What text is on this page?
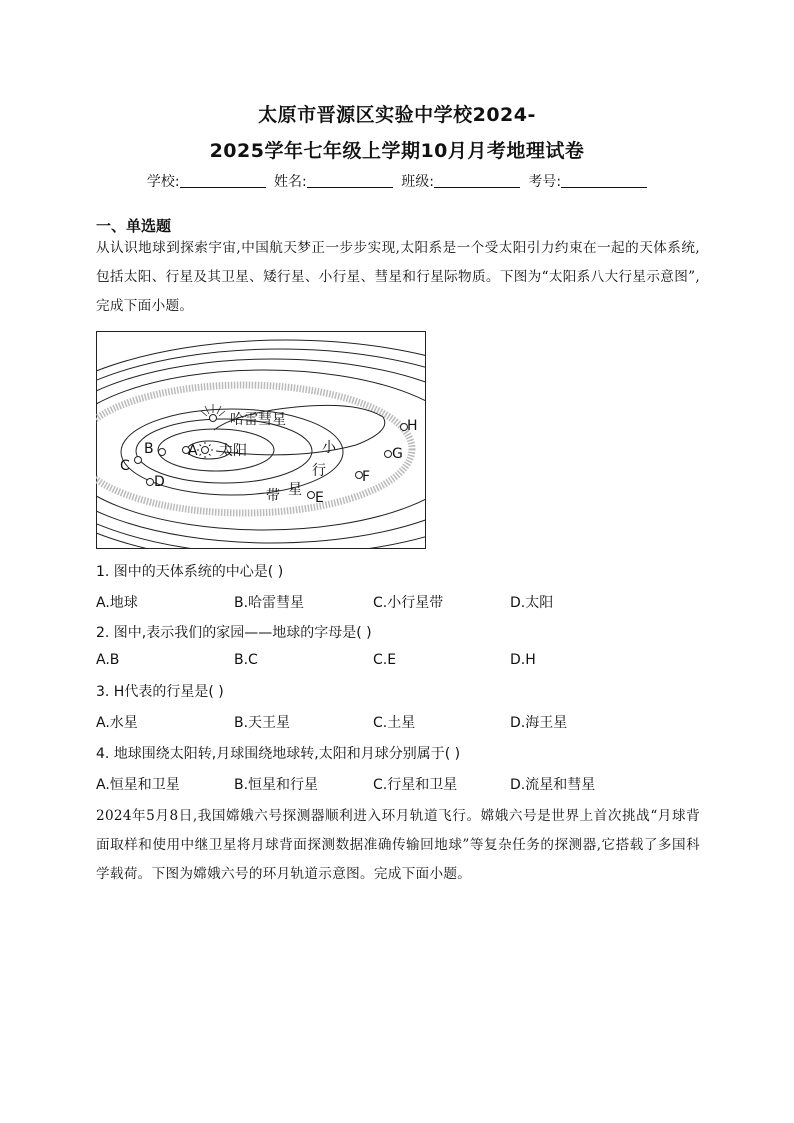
太原市晋源区实验中学校2024-
2025学年七年级上学期10月月考地理试卷
学校:	姓名:	班级:	考号:
一、单选题
从认识地球到探索宇宙,中国航天梦正一步步实现,太阳系是一个受太阳引力约束在一起的天体系统,包括太阳、行星及其卫星、矮行星、小行星、彗星和行星际物质。下图为“太阳系八大行星示意图”,完成下面小题。
哈雷彗星
太阳
A
B
C
D
E
F
G
H
小
行
星
带
1. 图中的天体系统的中心是( )
A.地球	B.哈雷彗星	C.小行星带	D.太阳
2. 图中,表示我们的家园——地球的字母是( )
A.B	B.C	C.E	D.H
3. H代表的行星是( )
A.水星	B.天王星	C.土星	D.海王星
4. 地球围绕太阳转,月球围绕地球转,太阳和月球分别属于( )
A.恒星和卫星	B.恒星和行星	C.行星和卫星	D.流星和彗星
2024年5月8日,我国嫦娥六号探测器顺利进入环月轨道飞行。嫦娥六号是世界上首次挑战“月球背面取样和使用中继卫星将月球背面探测数据准确传输回地球”等复杂任务的探测器,它搭载了多国科学载荷。下图为嫦娥六号的环月轨道示意图。完成下面小题。
